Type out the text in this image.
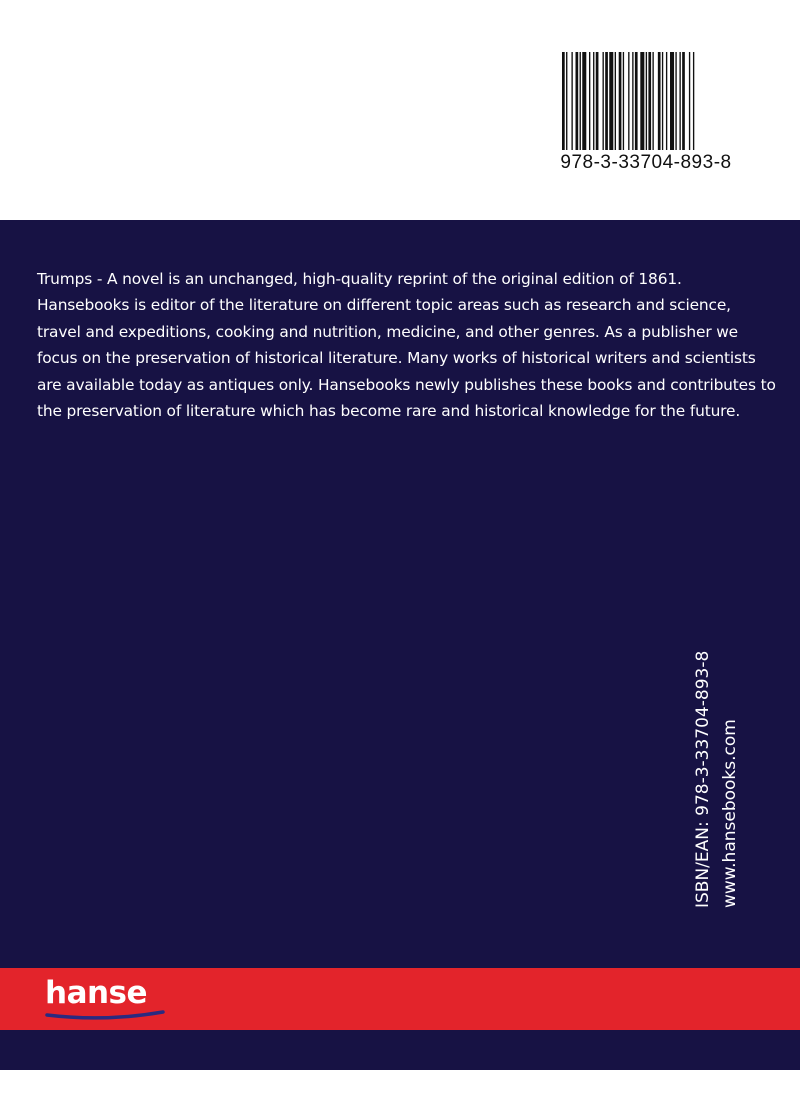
978-3-33704-893-8

Trumps - A novel is an unchanged, high-quality reprint of the original edition of 1861. Hansebooks is editor of the literature on different topic areas such as research and science, travel and expeditions, cooking and nutrition, medicine, and other genres. As a publisher we focus on the preservation of historical literature. Many works of historical writers and scientists are available today as antiques only. Hansebooks newly publishes these books and contributes to the preservation of literature which has become rare and historical knowledge for the future.

ISBN/EAN: 978-3-33704-893-8 www.hansebooks.com
hanse
